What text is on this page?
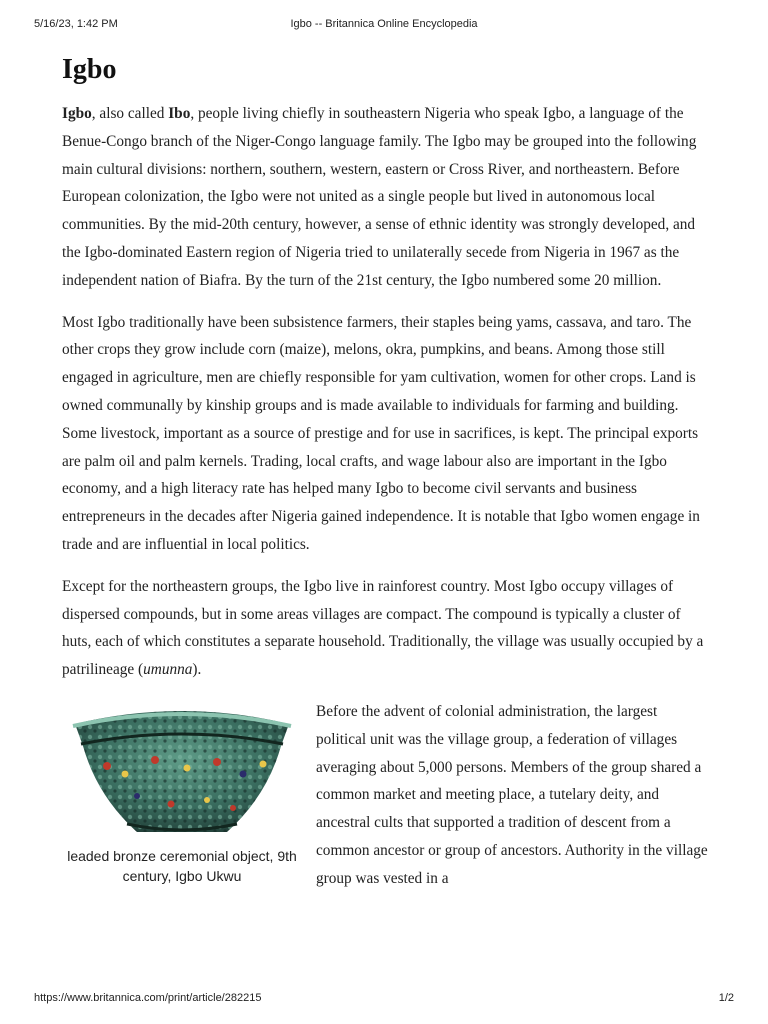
5/16/23, 1:42 PM	Igbo -- Britannica Online Encyclopedia
Igbo

Igbo, also called Ibo, people living chiefly in southeastern Nigeria who speak Igbo, a language of the Benue-Congo branch of the Niger-Congo language family. The Igbo may be grouped into the following main cultural divisions: northern, southern, western, eastern or Cross River, and northeastern. Before European colonization, the Igbo were not united as a single people but lived in autonomous local communities. By the mid-20th century, however, a sense of ethnic identity was strongly developed, and the Igbo-dominated Eastern region of Nigeria tried to unilaterally secede from Nigeria in 1967 as the independent nation of Biafra. By the turn of the 21st century, the Igbo numbered some 20 million.

Most Igbo traditionally have been subsistence farmers, their staples being yams, cassava, and taro. The other crops they grow include corn (maize), melons, okra, pumpkins, and beans. Among those still engaged in agriculture, men are chiefly responsible for yam cultivation, women for other crops. Land is owned communally by kinship groups and is made available to individuals for farming and building. Some livestock, important as a source of prestige and for use in sacrifices, is kept. The principal exports are palm oil and palm kernels. Trading, local crafts, and wage labour also are important in the Igbo economy, and a high literacy rate has helped many Igbo to become civil servants and business entrepreneurs in the decades after Nigeria gained independence. It is notable that Igbo women engage in trade and are influential in local politics.

Except for the northeastern groups, the Igbo live in rainforest country. Most Igbo occupy villages of dispersed compounds, but in some areas villages are compact. The compound is typically a cluster of huts, each of which constitutes a separate household. Traditionally, the village was usually occupied by a patrilineage (umunna).

leaded bronze ceremonial object, 9th century, Igbo Ukwu

Before the advent of colonial administration, the largest political unit was the village group, a federation of villages averaging about 5,000 persons. Members of the group shared a common market and meeting place, a tutelary deity, and ancestral cults that supported a tradition of descent from a common ancestor or group of ancestors. Authority in the village group was vested in a

https://www.britannica.com/print/article/282215	1/2
